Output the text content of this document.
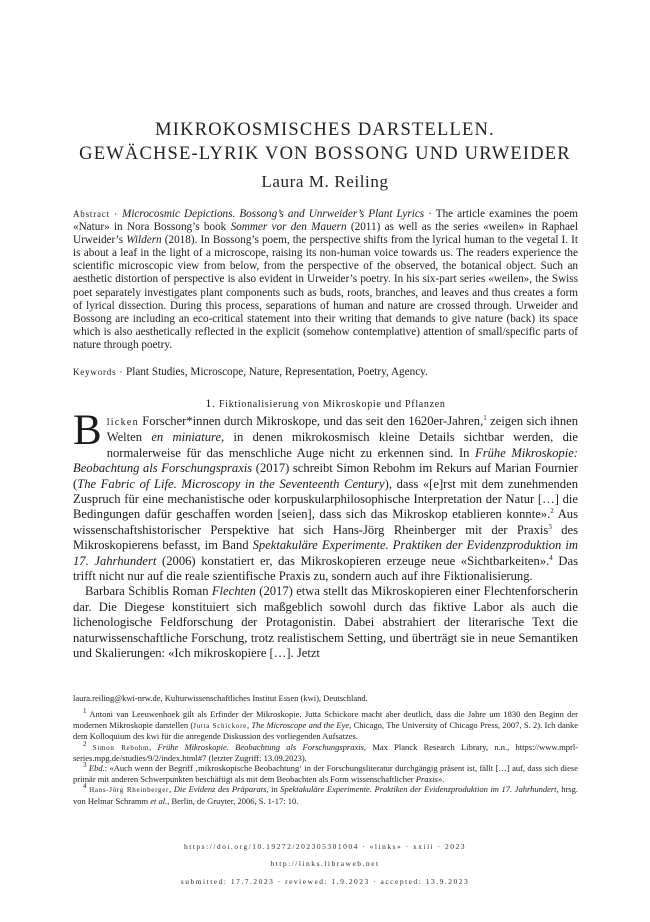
MIKROKOSMISCHES DARSTELLEN.
GEWÄCHSE-LYRIK VON BOSSONG UND URWEIDER
Laura M. Reiling
Abstract · Microcosmic Depictions. Bossong’s and Unrweider’s Plant Lyrics · The article examines the poem «Natur» in Nora Bossong’s book Sommer vor den Mauern (2011) as well as the series «weilen» in Raphael Urweider’s Wildern (2018). In Bossong’s poem, the perspective shifts from the lyrical human to the vegetal I. It is about a leaf in the light of a microscope, raising its non-human voice towards us. The readers experience the scientific microscopic view from below, from the perspective of the observed, the botanical object. Such an aesthetic distortion of perspective is also evident in Urweider’s poetry. In his six-part series «weilen», the Swiss poet separately investigates plant components such as buds, roots, branches, and leaves and thus creates a form of lyrical dissection. During this process, separations of human and nature are crossed through. Urweider and Bossong are including an eco-critical statement into their writing that demands to give nature (back) its space which is also aesthetically reflected in the explicit (somehow contemplative) attention of small/specific parts of nature through poetry.
Keywords · Plant Studies, Microscope, Nature, Representation, Poetry, Agency.
1. Fiktionalisierung von Mikroskopie und Pflanzen

Blicken Forscher*innen durch Mikroskope, und das seit den 1620er-Jahren,$^1$ zeigen sich ihnen Welten en miniature, in denen mikrokosmisch kleine Details sichtbar werden, die normalerweise für das menschliche Auge nicht zu erkennen sind. In Frühe Mikroskopie: Beobachtung als Forschungspraxis (2017) schreibt Simon Rebohm im Rekurs auf Marian Fournier (The Fabric of Life. Microscopy in the Seventeenth Century), dass «[e]rst mit dem zunehmenden Zuspruch für eine mechanistische oder korpuskularphilosophische Interpretation der Natur […] die Bedingungen dafür geschaffen worden [seien], dass sich das Mikroskop etablieren konnte».$^2$ Aus wissenschaftshistorischer Perspektive hat sich Hans-Jörg Rheinberger mit der Praxis$^3$ des Mikroskopierens befasst, im Band Spektakuläre Experimente. Praktiken der Evidenzproduktion im 17. Jahrhundert (2006) konstatiert er, das Mikroskopieren erzeuge neue «Sichtbarkeiten».$^4$ Das trifft nicht nur auf die reale szientifische Praxis zu, sondern auch auf ihre Fiktionalisierung.

Barbara Schiblis Roman Flechten (2017) etwa stellt das Mikroskopieren einer Flechtenforscherin dar. Die Diegese konstituiert sich maßgeblich sowohl durch das fiktive Labor als auch die lichenologische Feldforschung der Protagonistin. Dabei abstrahiert der literarische Text die naturwissenschaftliche Forschung, trotz realistischem Setting, und überträgt sie in neue Semantiken und Skalierungen: «Ich mikroskopiere […]. Jetzt

laura.reiling@kwi-nrw.de, Kulturwissenschaftliches Institut Essen (kwi), Deutschland.

$^1$ Antoni van Leeuwenhoek gilt als Erfinder der Mikroskopie. Jutta Schickore macht aber deutlich, dass die Jahre um 1830 den Beginn der modernen Mikroskopie darstellen (Jutta Schickore, The Microscope and the Eye, Chicago, The University of Chicago Press, 2007, S. 2). Ich danke dem Kolloquium des kwi für die anregende Diskussion des vorliegenden Aufsatzes.

$^2$ Simon Rebohm, Frühe Mikroskopie. Beobachtung als Forschungspraxis, Max Planck Research Library, n.n., https://www.mprl-series.mpg.de/studies/9/2/index.html#7 (letzter Zugriff: 13.09.2023).

$^3$ Ebd.: «Auch wenn der Begriff ‚mikroskopische Beobachtung‘ in der Forschungsliteratur durchgängig präsent ist, fällt […] auf, dass sich diese primär mit anderen Schwerpunkten beschäftigt als mit dem Beobachten als Form wissenschaftlicher Praxis».

$^4$ Hans-Jörg Rheinberger, Die Evidenz des Präparats, in Spektakuläre Experimente. Praktiken der Evidenzproduktion im 17. Jahrhundert, hrsg. von Helmar Schramm et al., Berlin, de Gruyter, 2006, S. 1-17: 10.

https://doi.org/10.19272/202305301004 · «links» · xxiii · 2023
http://links.libraweb.net
submitted: 17.7.2023 · reviewed: 1.9.2023 · accepted: 13.9.2023
